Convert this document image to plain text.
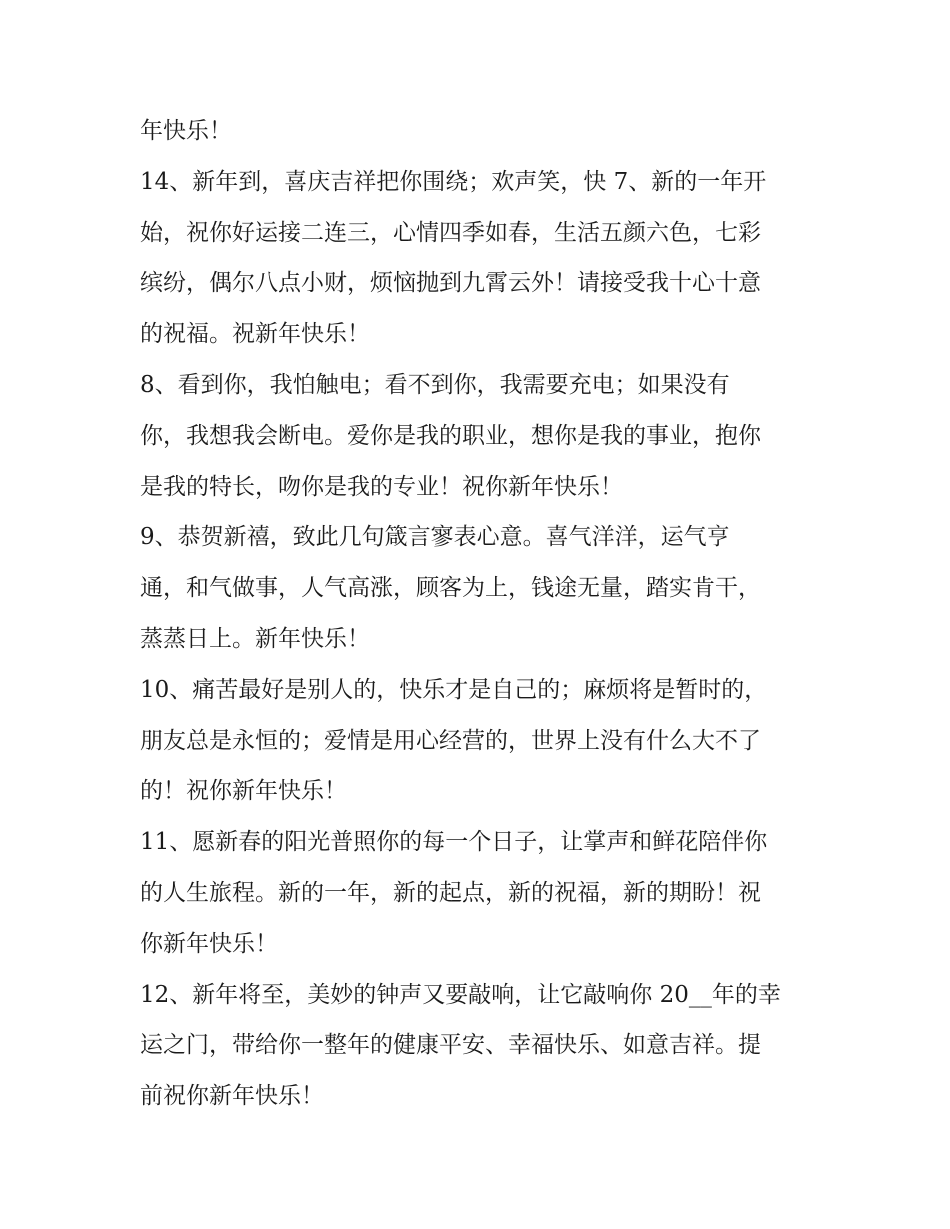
年快乐！
14、新年到，喜庆吉祥把你围绕；欢声笑，快 7、新的一年开
始，祝你好运接二连三，心情四季如春，生活五颜六色，七彩
缤纷，偶尔八点小财，烦恼抛到九霄云外！请接受我十心十意
的祝福。祝新年快乐！
8、看到你，我怕触电；看不到你，我需要充电；如果没有
你，我想我会断电。爱你是我的职业，想你是我的事业，抱你
是我的特长，吻你是我的专业！祝你新年快乐！
9、恭贺新禧，致此几句箴言寥表心意。喜气洋洋，运气亨
通，和气做事，人气高涨，顾客为上，钱途无量，踏实肯干，
蒸蒸日上。新年快乐！
10、痛苦最好是别人的，快乐才是自己的；麻烦将是暂时的，
朋友总是永恒的；爱情是用心经营的，世界上没有什么大不了
的！祝你新年快乐！
11、愿新春的阳光普照你的每一个日子，让掌声和鲜花陪伴你
的人生旅程。新的一年，新的起点，新的祝福，新的期盼！祝
你新年快乐！
12、新年将至，美妙的钟声又要敲响，让它敲响你 20__年的幸
运之门，带给你一整年的健康平安、幸福快乐、如意吉祥。提
前祝你新年快乐！
